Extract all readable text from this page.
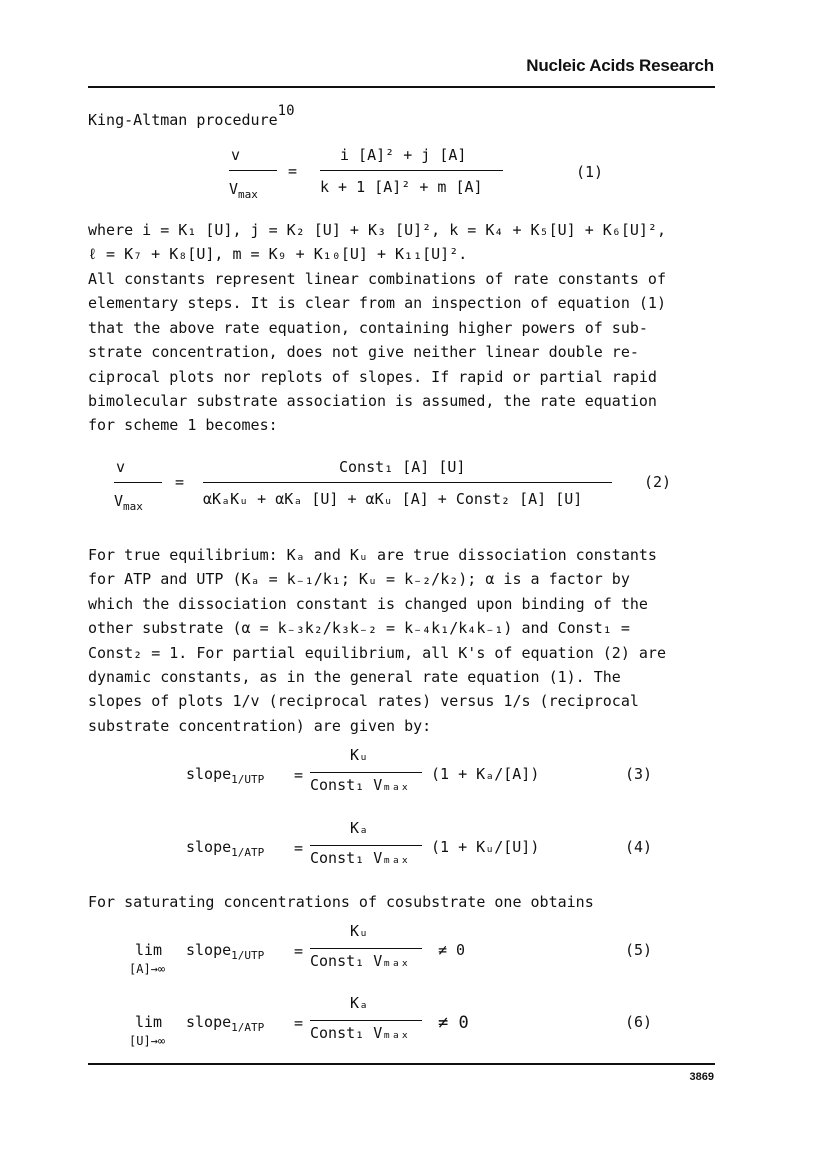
Nucleic Acids Research
King-Altman procedure10
v
$V_{max}$
=
i [A]² + j [A]
k + 1 [A]² + m [A]
(1)
where i = K₁ [U], j = K₂ [U] + K₃ [U]², k = K₄ + K₅[U] + K₆[U]²,
ℓ = K₇ + K₈[U], m = K₉ + K₁₀[U] + K₁₁[U]².
All constants represent linear combinations of rate constants of
elementary steps. It is clear from an inspection of equation (1)
that the above rate equation, containing higher powers of sub-
strate concentration, does not give neither linear double re-
ciprocal plots nor replots of slopes. If rapid or partial rapid
bimolecular substrate association is assumed, the rate equation
for scheme 1 becomes:
v
$V_{max}$
=
Const₁ [A] [U]
αKₐKᵤ + αKₐ [U] + αKᵤ [A] + Const₂ [A] [U]
(2)
For true equilibrium: Kₐ and Kᵤ are true dissociation constants
for ATP and UTP (Kₐ = k₋₁/k₁; Kᵤ = k₋₂/k₂); α is a factor by
which the dissociation constant is changed upon binding of the
other substrate (α = k₋₃k₂/k₃k₋₂ = k₋₄k₁/k₄k₋₁) and Const₁ =
Const₂ = 1. For partial equilibrium, all K's of equation (2) are
dynamic constants, as in the general rate equation (1). The
slopes of plots 1/v (reciprocal rates) versus 1/s (reciprocal
substrate concentration) are given by:
slope$_{1/UTP}$ =
Kᵤ
Const₁ Vₘₐₓ
(1 + Kₐ/[A])	(3)
slope$_{1/ATP}$ =
Kₐ
Const₁ Vₘₐₓ
(1 + Kᵤ/[U])	(4)
For saturating concentrations of cosubstrate one obtains
lim
[A]→∞
slope$_{1/UTP}$ =
Kᵤ
Const₁ Vₘₐₓ
≠ 0	(5)
lim
[U]→∞
slope$_{1/ATP}$ =
Kₐ
Const₁ Vₘₐₓ ≠ 0	(6)
3869
